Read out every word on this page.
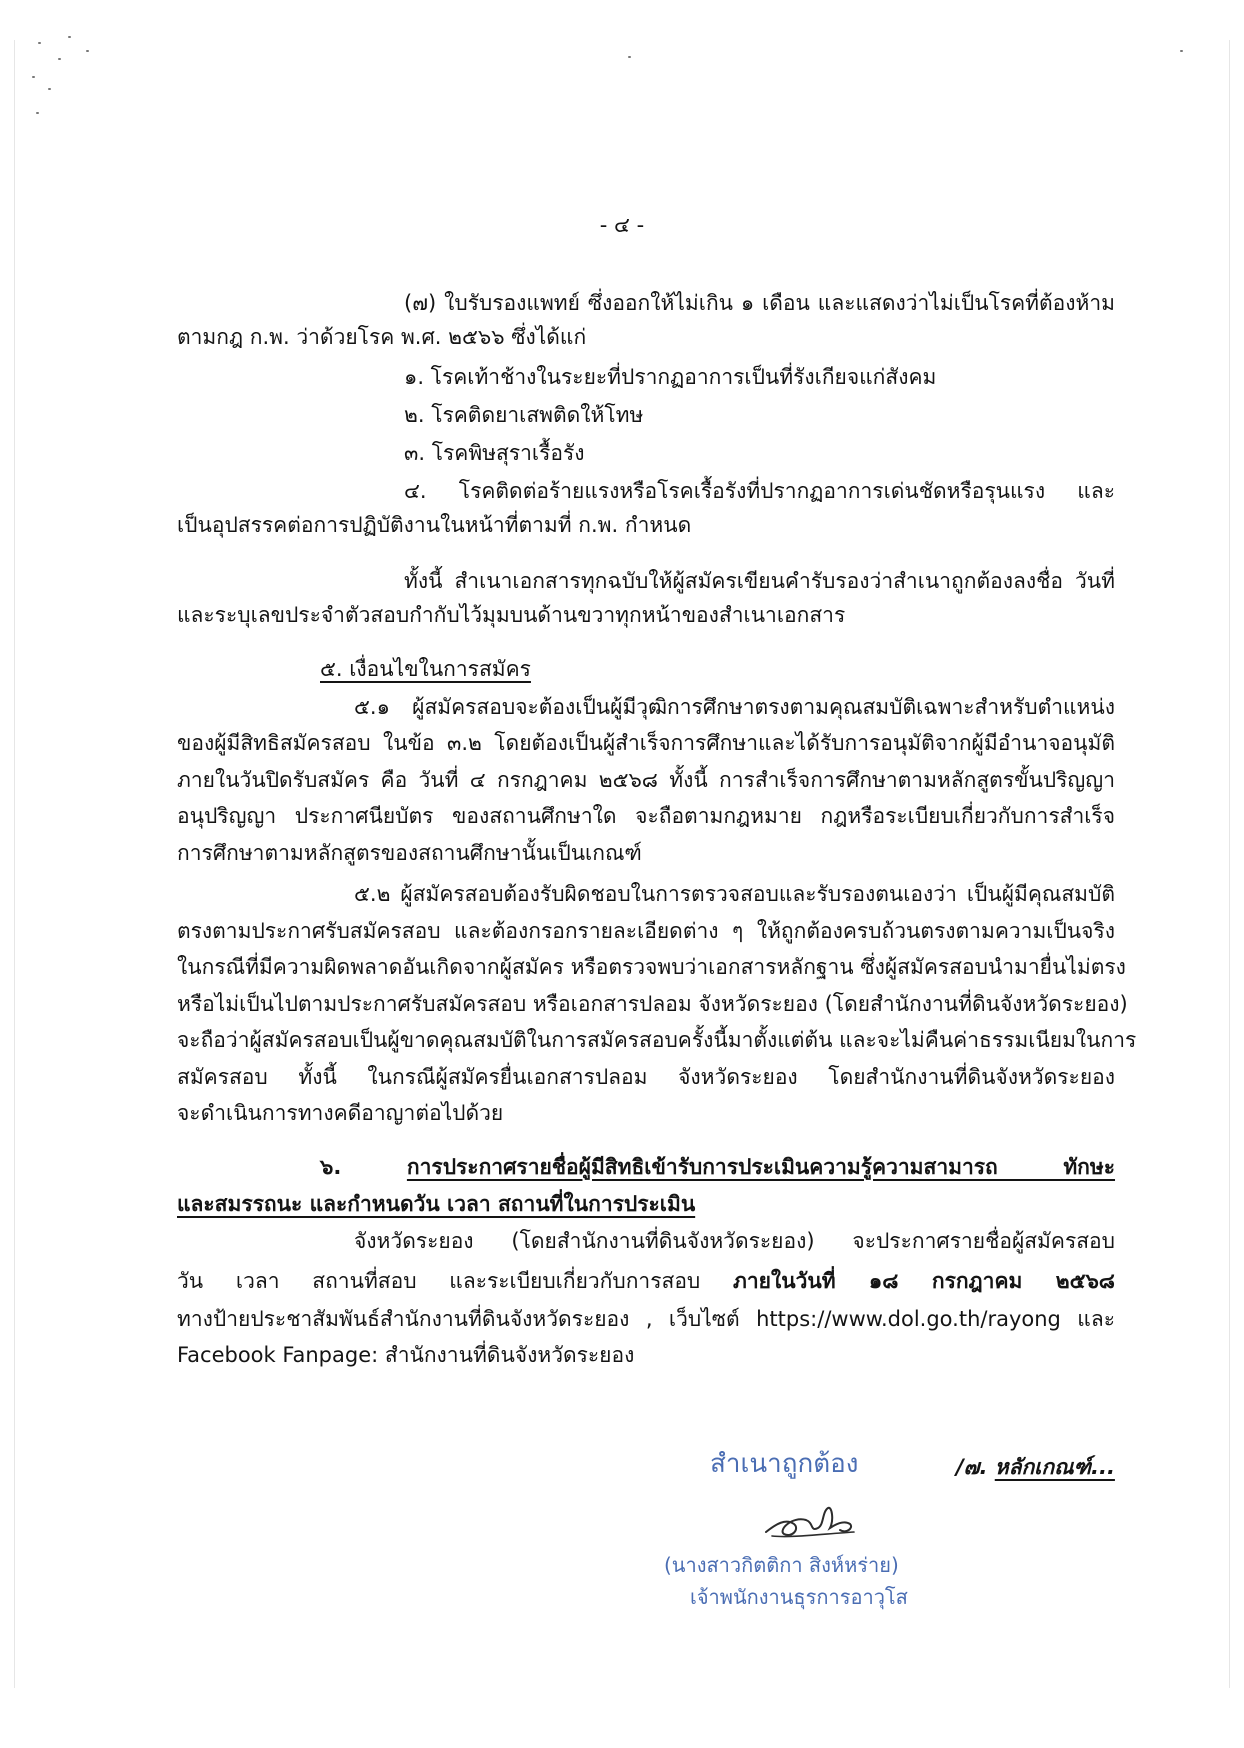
- ๔ -
(๗) ใบรับรองแพทย์ ซึ่งออกให้ไม่เกิน ๑ เดือน และแสดงว่าไม่เป็นโรคที่ต้องห้าม
ตามกฎ ก.พ. ว่าด้วยโรค พ.ศ. ๒๕๖๖ ซึ่งได้แก่
๑. โรคเท้าช้างในระยะที่ปรากฏอาการเป็นที่รังเกียจแก่สังคม
๒. โรคติดยาเสพติดให้โทษ
๓. โรคพิษสุราเรื้อรัง
๔. โรคติดต่อร้ายแรงหรือโรคเรื้อรังที่ปรากฏอาการเด่นชัดหรือรุนแรง และ
เป็นอุปสรรคต่อการปฏิบัติงานในหน้าที่ตามที่ ก.พ. กำหนด
ทั้งนี้ สำเนาเอกสารทุกฉบับให้ผู้สมัครเขียนคำรับรองว่าสำเนาถูกต้องลงชื่อ วันที่
และระบุเลขประจำตัวสอบกำกับไว้มุมบนด้านขวาทุกหน้าของสำเนาเอกสาร
๕. เงื่อนไขในการสมัคร
๕.๑ ผู้สมัครสอบจะต้องเป็นผู้มีวุฒิการศึกษาตรงตามคุณสมบัติเฉพาะสำหรับตำแหน่ง
ของผู้มีสิทธิสมัครสอบ ในข้อ ๓.๒ โดยต้องเป็นผู้สำเร็จการศึกษาและได้รับการอนุมัติจากผู้มีอำนาจอนุมัติ
ภายในวันปิดรับสมัคร คือ วันที่ ๔ กรกฎาคม ๒๕๖๘ ทั้งนี้ การสำเร็จการศึกษาตามหลักสูตรขั้นปริญญา
อนุปริญญา ประกาศนียบัตร ของสถานศึกษาใด จะถือตามกฎหมาย กฎหรือระเบียบเกี่ยวกับการสำเร็จ
การศึกษาตามหลักสูตรของสถานศึกษานั้นเป็นเกณฑ์
๕.๒ ผู้สมัครสอบต้องรับผิดชอบในการตรวจสอบและรับรองตนเองว่า เป็นผู้มีคุณสมบัติ
ตรงตามประกาศรับสมัครสอบ และต้องกรอกรายละเอียดต่าง ๆ ให้ถูกต้องครบถ้วนตรงตามความเป็นจริง
ในกรณีที่มีความผิดพลาดอันเกิดจากผู้สมัคร หรือตรวจพบว่าเอกสารหลักฐาน ซึ่งผู้สมัครสอบนำมายื่นไม่ตรง
หรือไม่เป็นไปตามประกาศรับสมัครสอบ หรือเอกสารปลอม จังหวัดระยอง (โดยสำนักงานที่ดินจังหวัดระยอง)
จะถือว่าผู้สมัครสอบเป็นผู้ขาดคุณสมบัติในการสมัครสอบครั้งนี้มาตั้งแต่ต้น และจะไม่คืนค่าธรรมเนียมในการ
สมัครสอบ ทั้งนี้ ในกรณีผู้สมัครยื่นเอกสารปลอม จังหวัดระยอง โดยสำนักงานที่ดินจังหวัดระยอง
จะดำเนินการทางคดีอาญาต่อไปด้วย
๖.	การประกาศรายชื่อผู้มีสิทธิเข้ารับการประเมินความรู้ความสามารถ ทักษะ
และสมรรถนะ และกำหนดวัน เวลา สถานที่ในการประเมิน
จังหวัดระยอง (โดยสำนักงานที่ดินจังหวัดระยอง) จะประกาศรายชื่อผู้สมัครสอบ
วัน เวลา สถานที่สอบ และระเบียบเกี่ยวกับการสอบ ภายในวันที่ ๑๘ กรกฎาคม ๒๕๖๘
ทางป้ายประชาสัมพันธ์สำนักงานที่ดินจังหวัดระยอง , เว็บไซต์ https://www.dol.go.th/rayong และ
Facebook Fanpage: สำนักงานที่ดินจังหวัดระยอง
สำเนาถูกต้อง	/๗. หลักเกณฑ์...
(นางสาวกิตติกา สิงห์หร่าย)
เจ้าพนักงานธุรการอาวุโส
